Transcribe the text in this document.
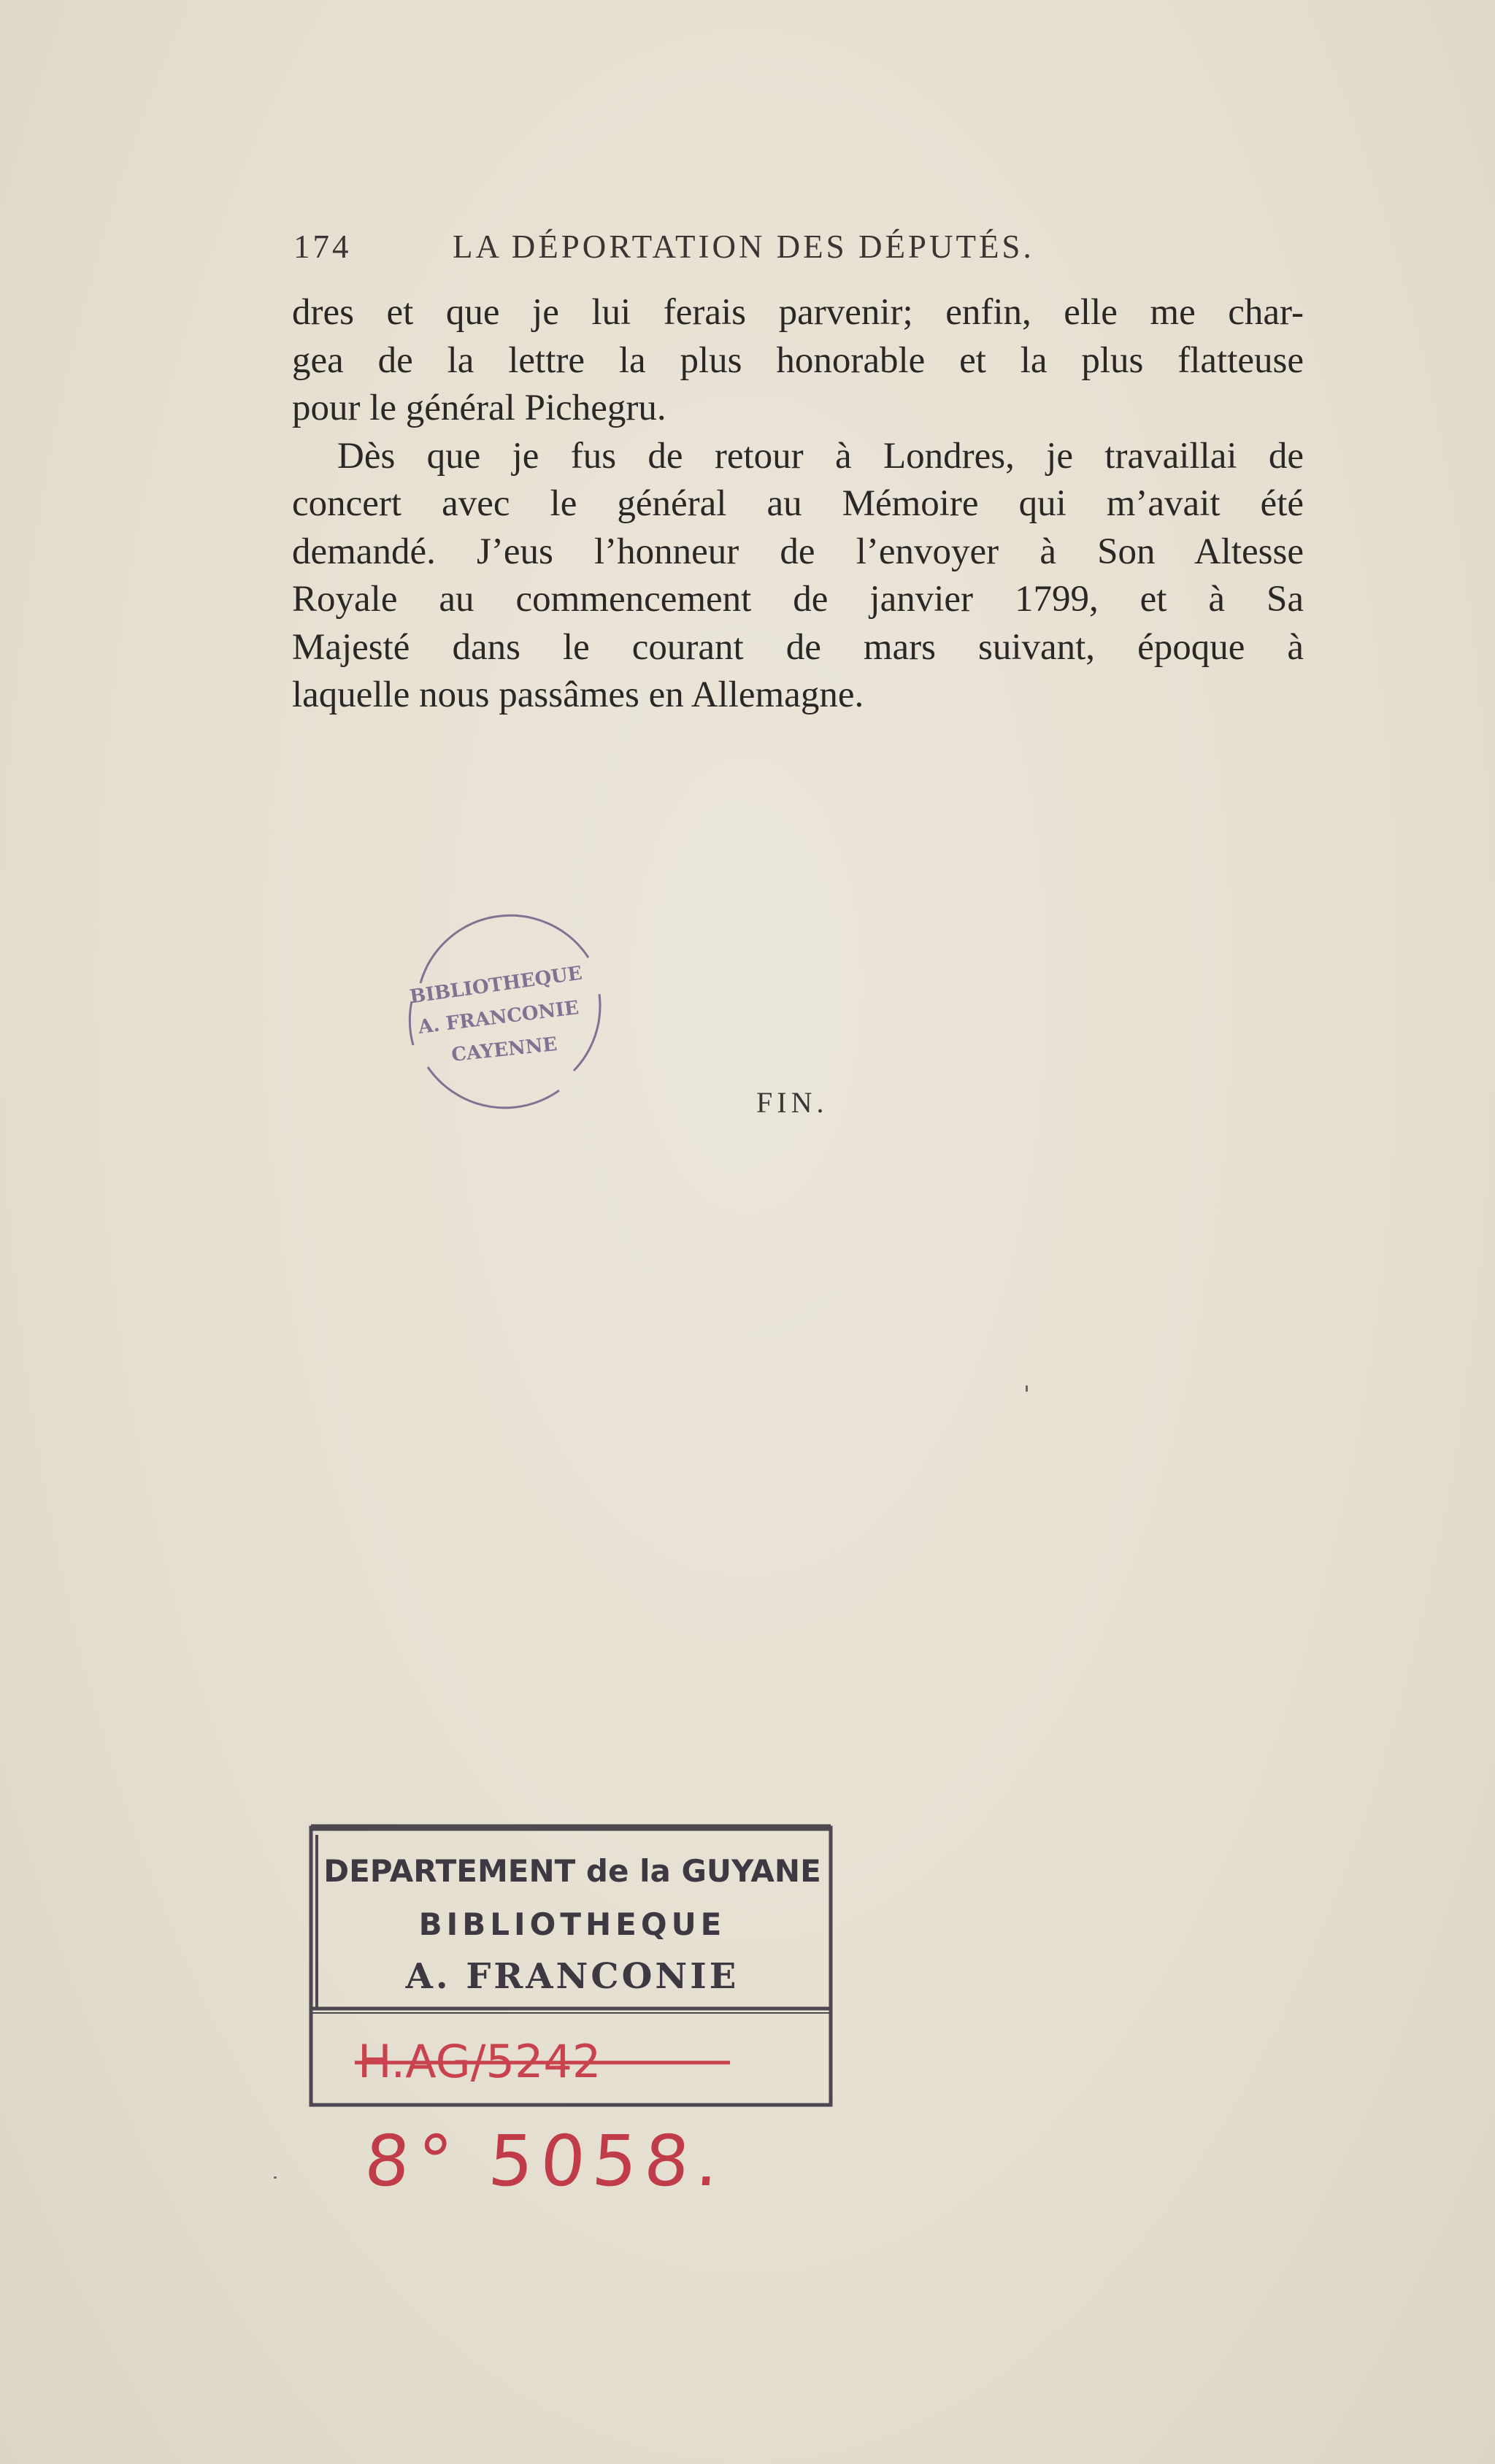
174	LA DÉPORTATION DES DÉPUTÉS.
dres et que je lui ferais parvenir; enfin, elle me char-
gea de la lettre la plus honorable et la plus flatteuse
pour le général Pichegru.
Dès que je fus de retour à Londres, je travaillai de
concert avec le général au Mémoire qui m’avait été
demandé. J’eus l’honneur de l’envoyer à Son Altesse
Royale au commencement de janvier 1799, et à Sa
Majesté dans le courant de mars suivant, époque à
laquelle nous passâmes en Allemagne.
BIBLIOTHEQUE
A. FRANCONIE
CAYENNE
FIN.
DEPARTEMENT de la GUYANE
BIBLIOTHEQUE
A. FRANCONIE
H.AG/5242
8° 5058.
